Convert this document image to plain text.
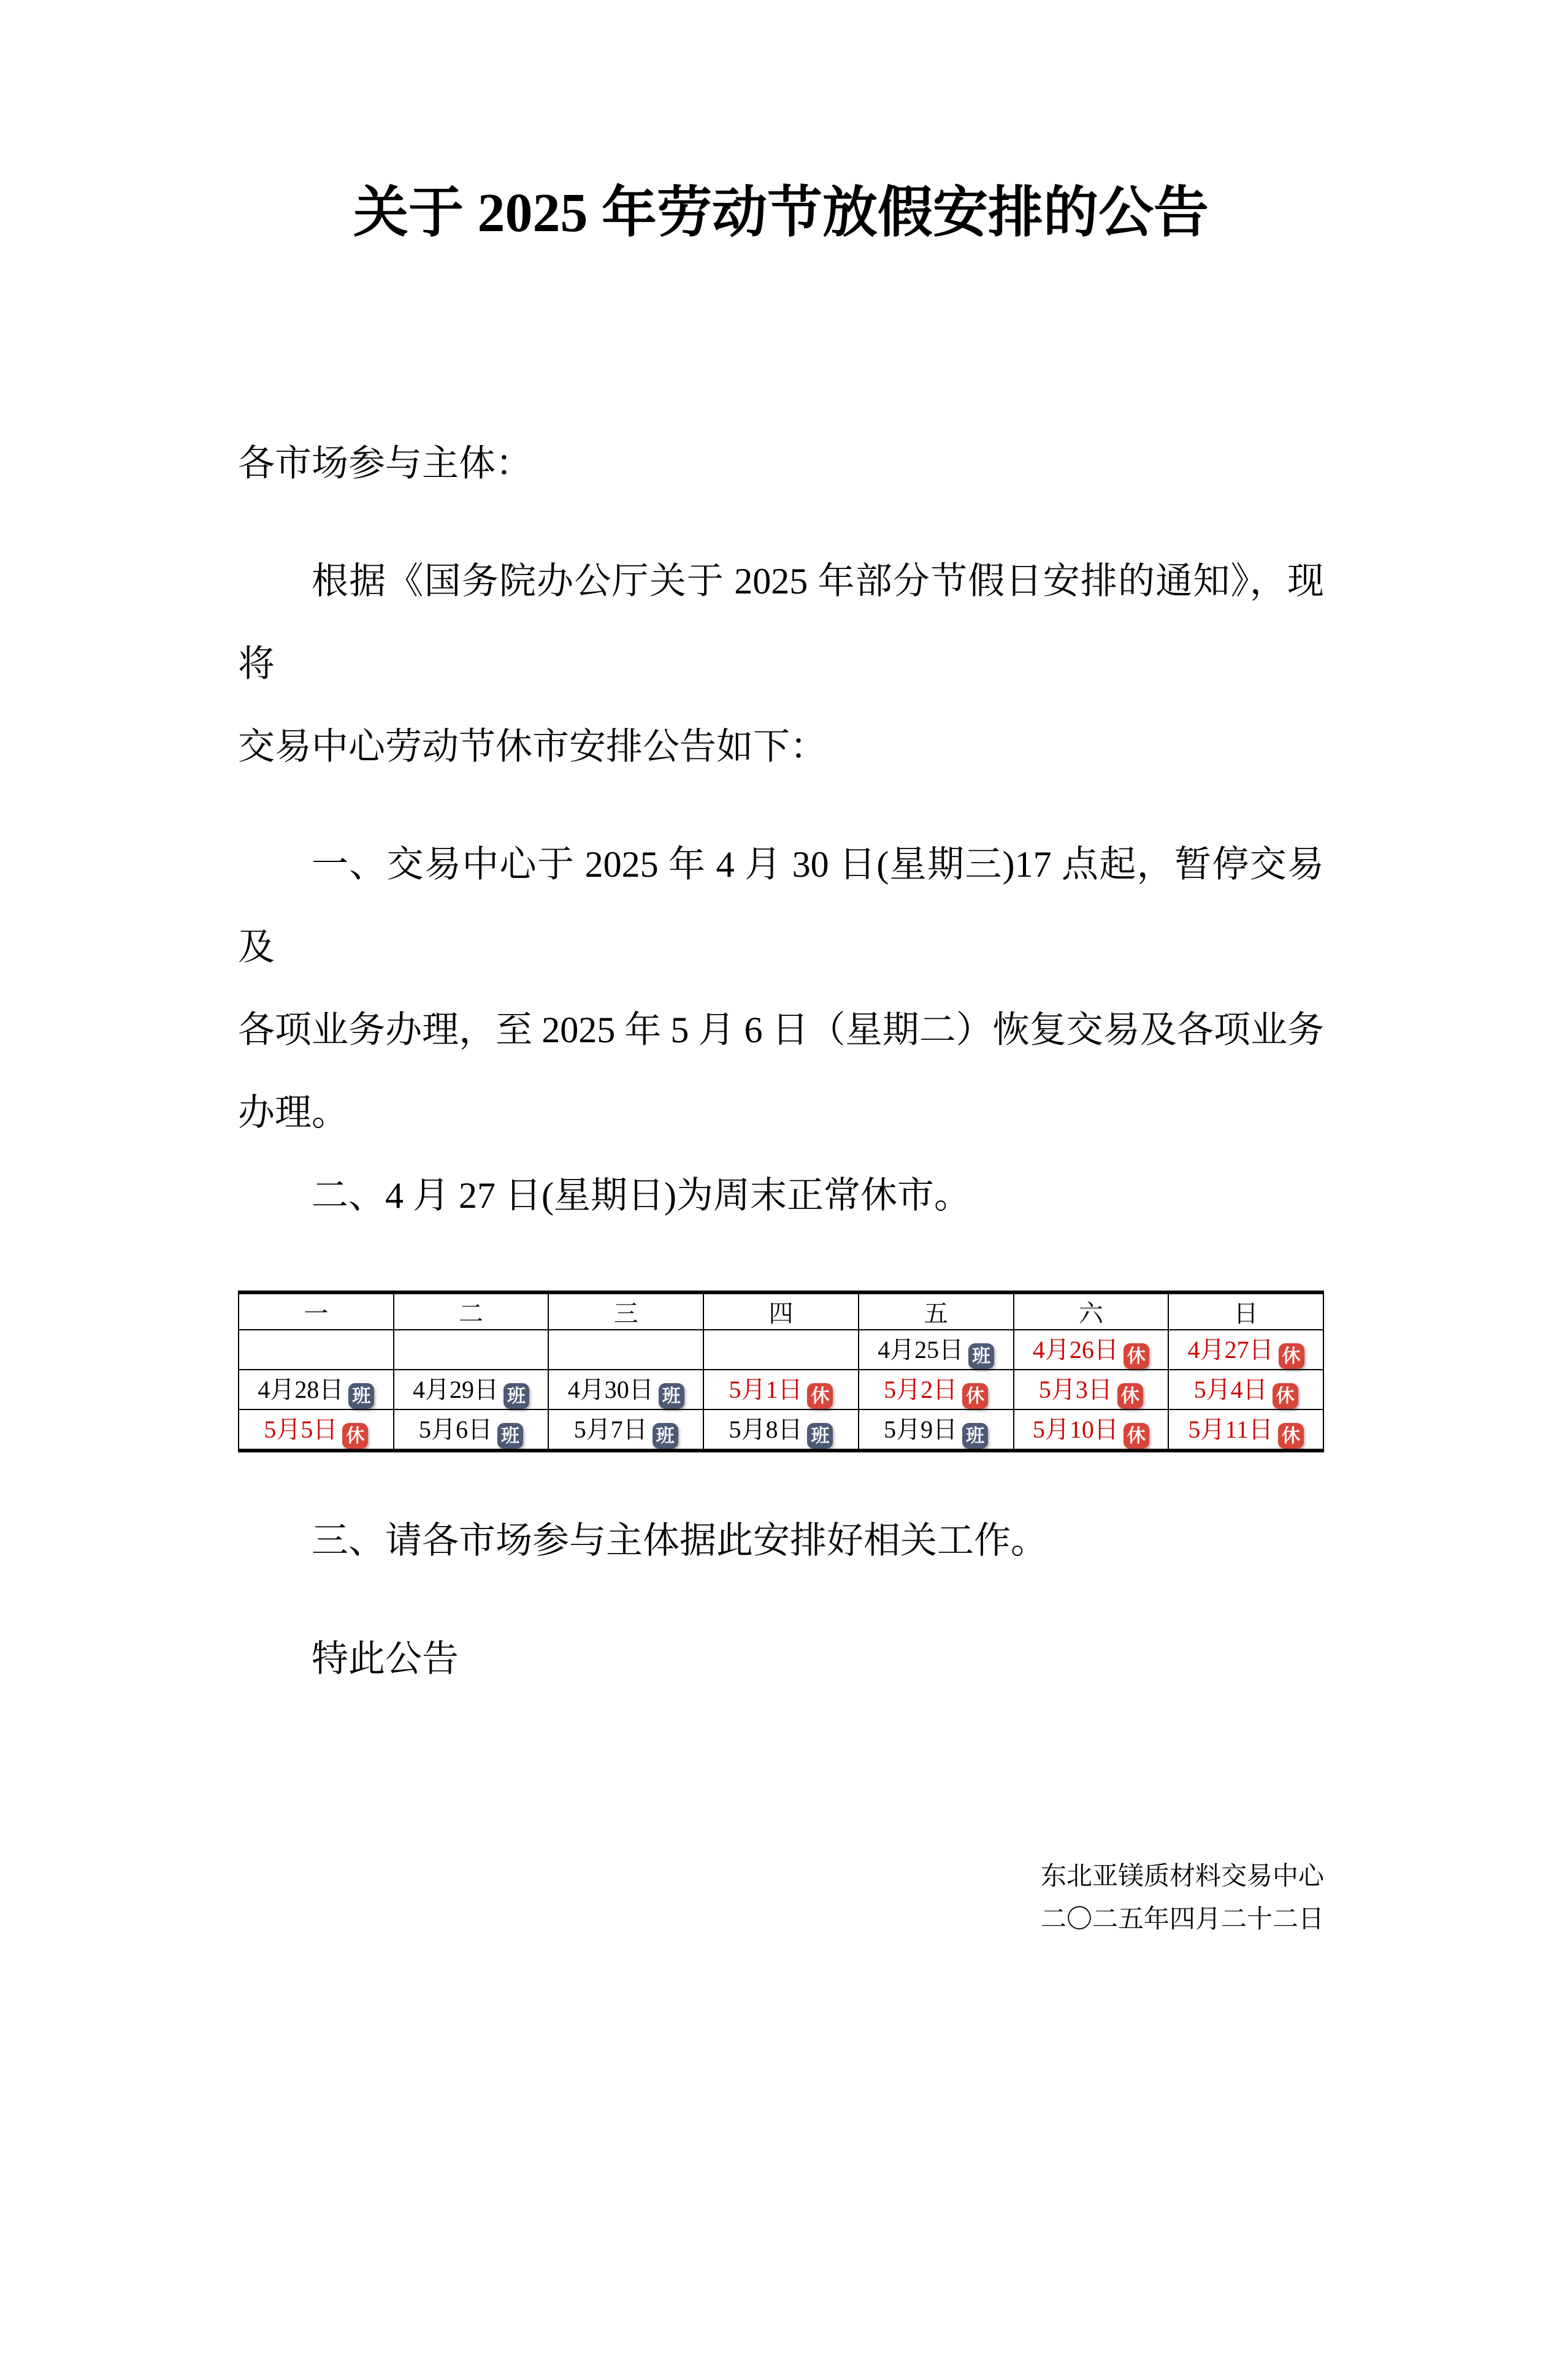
关于 2025 年劳动节放假安排的公告
各市场参与主体：
根据《国务院办公厅关于 2025 年部分节假日安排的通知》，现将
交易中心劳动节休市安排公告如下：
一、交易中心于 2025 年 4 月 30 日(星期三)17 点起，暂停交易及
各项业务办理，至 2025 年 5 月 6 日（星期二）恢复交易及各项业务
办理。
二、4 月 27 日(星期日)为周末正常休市。
一	二	三	四	五	六	日
				4月25日 班	4月26日 休	4月27日 休
4月28日 班	4月29日 班	4月30日 班	5月1日 休	5月2日 休	5月3日 休	5月4日 休
5月5日 休	5月6日 班	5月7日 班	5月8日 班	5月9日 班	5月10日 休	5月11日 休
三、请各市场参与主体据此安排好相关工作。
特此公告
东北亚镁质材料交易中心
二〇二五年四月二十二日
